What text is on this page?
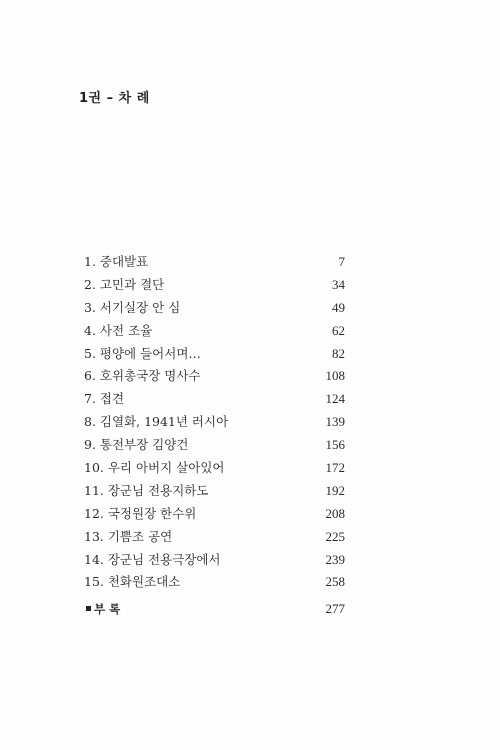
1권 – 차 례
1. 중대발표	7
2. 고민과 결단	34
3. 서기실장 안 심	49
4. 사전 조율	62
5. 평양에 들어서며…	82
6. 호위총국장 명사수	108
7. 접견	124
8. 김열화, 1941년 러시아	139
9. 통전부장 김양건	156
10. 우리 아버지 살아있어	172
11. 장군님 전용지하도	192
12. 국정원장 한수위	208
13. 기쁨조 공연	225
14. 장군님 전용극장에서	239
15. 천화원조대소	258
부 록	277
